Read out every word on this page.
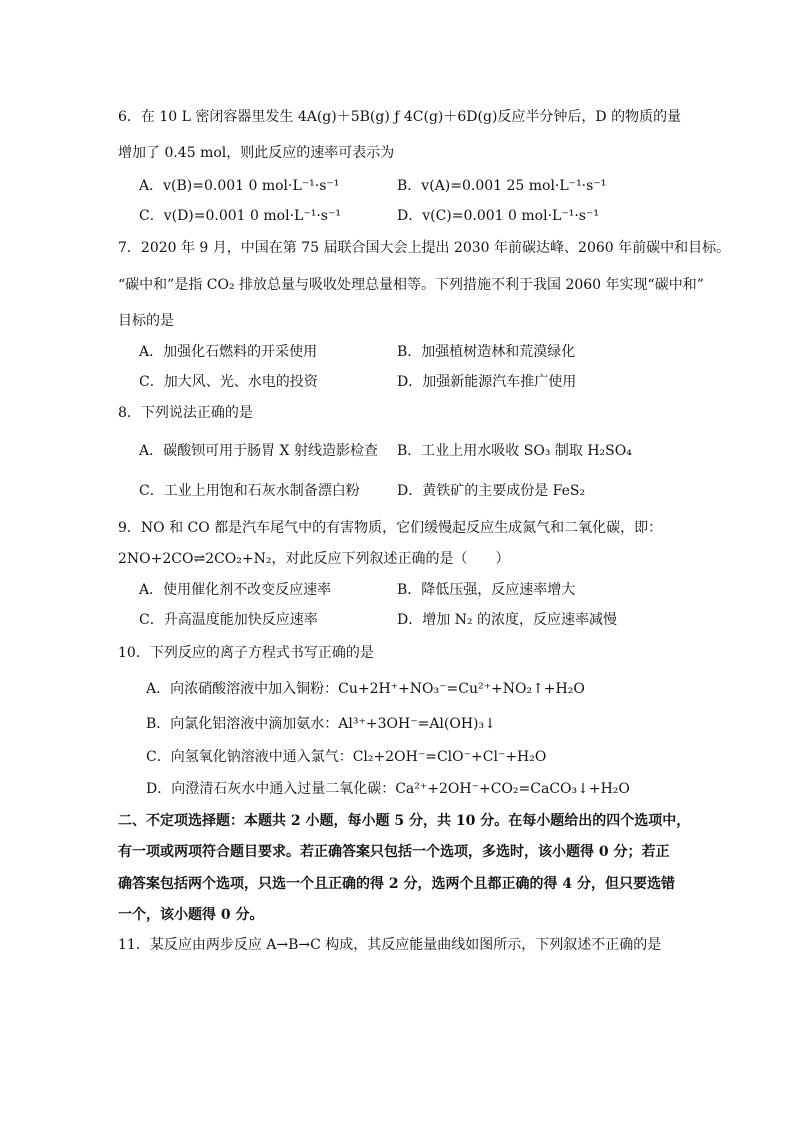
6．在 10 L 密闭容器里发生 4A(g)＋5B(g) ƒ 4C(g)＋6D(g)反应半分钟后，D 的物质的量
增加了 0.45 mol，则此反应的速率可表示为
A．v(B)=0.001 0 mol·L⁻¹·s⁻¹	B．v(A)=0.001 25 mol·L⁻¹·s⁻¹
C．v(D)=0.001 0 mol·L⁻¹·s⁻¹	D．v(C)=0.001 0 mol·L⁻¹·s⁻¹
7．2020 年 9 月，中国在第 75 届联合国大会上提出 2030 年前碳达峰、2060 年前碳中和目标。
“碳中和”是指 CO₂ 排放总量与吸收处理总量相等。下列措施不利于我国 2060 年实现“碳中和”
目标的是
A．加强化石燃料的开采使用	B．加强植树造林和荒漠绿化
C．加大风、光、水电的投资	D．加强新能源汽车推广使用
8．下列说法正确的是
A．碳酸钡可用于肠胃 X 射线造影检查 B．工业上用水吸收 SO₃ 制取 H₂SO₄
C．工业上用饱和石灰水制备漂白粉	D．黄铁矿的主要成份是 FeS₂
9．NO 和 CO 都是汽车尾气中的有害物质，它们缓慢起反应生成氮气和二氧化碳，即：
2NO+2CO⇌2CO₂+N₂，对此反应下列叙述正确的是（　　）
A．使用催化剂不改变反应速率	B．降低压强，反应速率增大
C．升高温度能加快反应速率	D．增加 N₂ 的浓度，反应速率减慢
10．下列反应的离子方程式书写正确的是
A．向浓硝酸溶液中加入铜粉：Cu+2H⁺+NO₃⁻=Cu²⁺+NO₂↑+H₂O
B．向氯化铝溶液中滴加氨水：Al³⁺+3OH⁻=Al(OH)₃↓
C．向氢氧化钠溶液中通入氯气：Cl₂+2OH⁻=ClO⁻+Cl⁻+H₂O
D．向澄清石灰水中通入过量二氧化碳：Ca²⁺+2OH⁻+CO₂=CaCO₃↓+H₂O
二、不定项选择题：本题共 2 小题，每小题 5 分，共 10 分。在每小题给出的四个选项中，
有一项或两项符合题目要求。若正确答案只包括一个选项，多选时，该小题得 0 分；若正
确答案包括两个选项，只选一个且正确的得 2 分，选两个且都正确的得 4 分，但只要选错
一个，该小题得 0 分。
11．某反应由两步反应 A→B→C 构成，其反应能量曲线如图所示，下列叙述不正确的是
